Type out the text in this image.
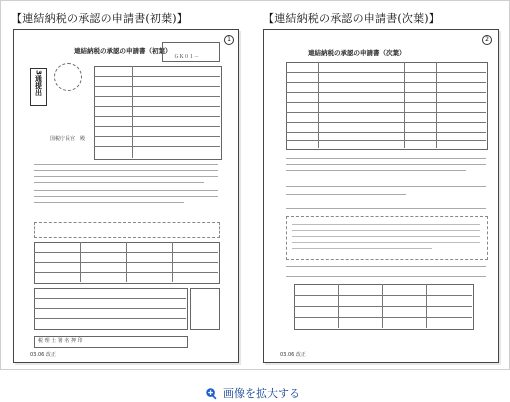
【連結納税の承認の申請書(初葉)】
連結納税の承認の申請書（初葉）
1
3通提出
ＧＫ０１－
国税庁長官 殿
税 理 士 署 名 押 印
03.06 改正
【連結納税の承認の申請書(次葉)】
連結納税の承認の申請書（次葉）
2
03.06 改正
画像を拡大する
